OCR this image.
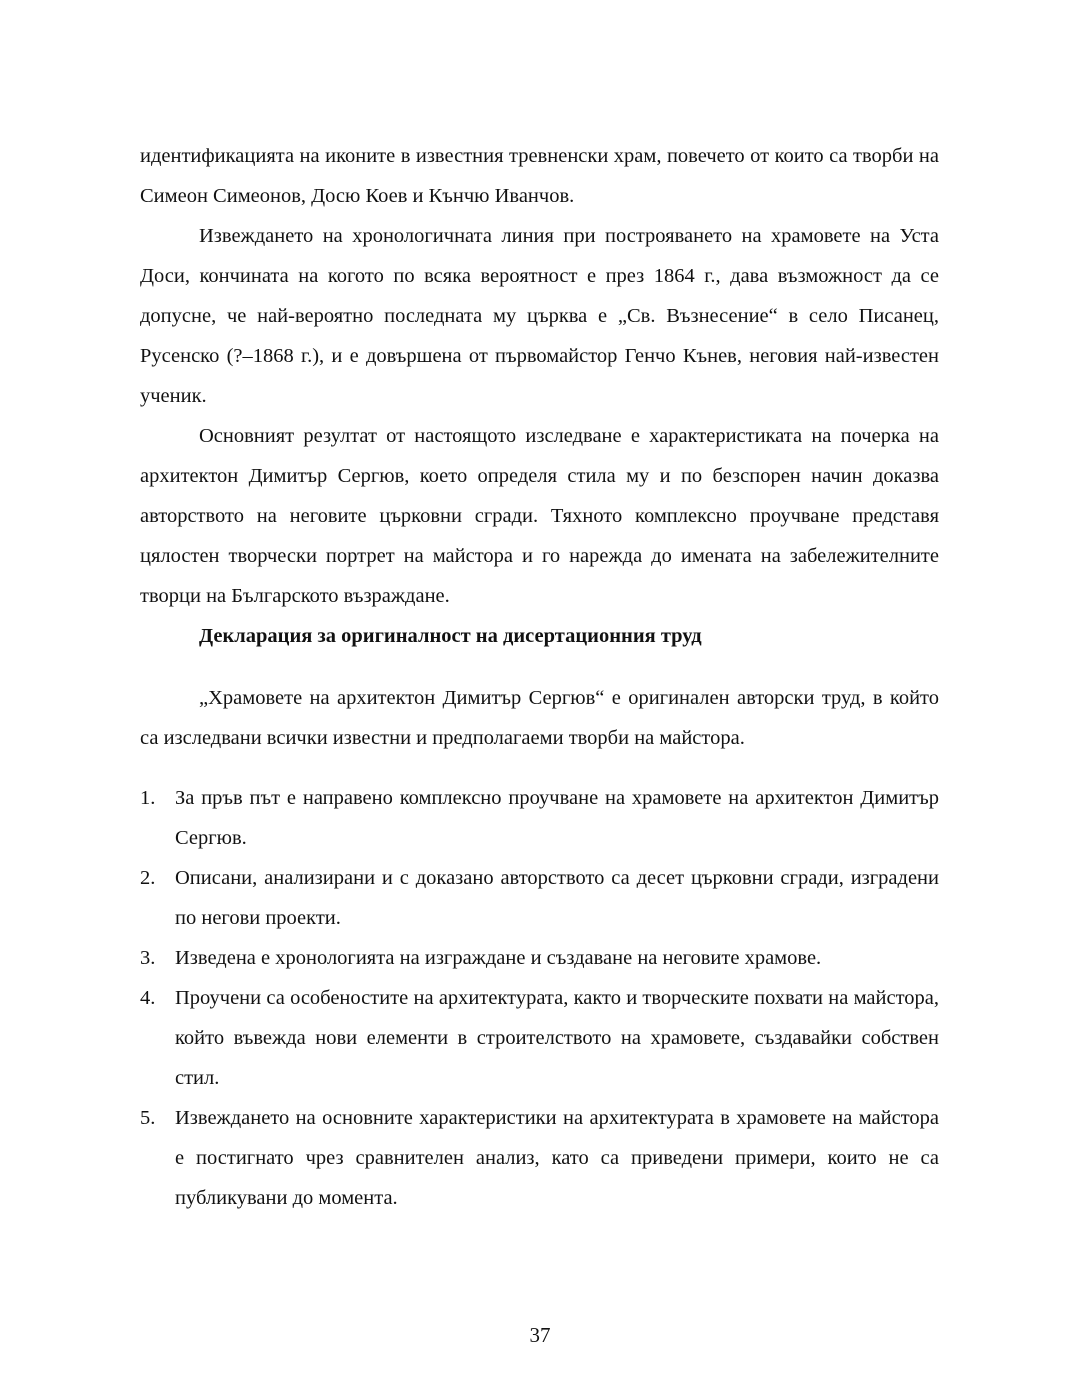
идентификацията на иконите в известния тревненски храм, повечето от които са творби на Симеон Симеонов, Досю Коев и Кънчю Иванчов.

Извеждането на хронологичната линия при построяването на храмовете на Уста Доси, кончината на когото по всяка вероятност е през 1864 г., дава възможност да се допусне, че най-вероятно последната му църква е „Св. Възнесение“ в село Писанец, Русенско (?–1868 г.), и е довършена от първомайстор Генчо Кънев, неговия най-известен ученик.

Основният резултат от настоящото изследване е характеристиката на почерка на архитектон Димитър Сергюв, което определя стила му и по безспорен начин доказва авторството на неговите църковни сгради. Тяхното комплексно проучване представя цялостен творчески портрет на майстора и го нарежда до имената на забележителните творци на Българското възраждане.

Декларация за оригиналност на дисертационния труд

„Храмовете на архитектон Димитър Сергюв“ е оригинален авторски труд, в който са изследвани всички известни и предполагаеми творби на майстора.

1. За пръв път е направено комплексно проучване на храмовете на архитектон Димитър Сергюв.
2. Описани, анализирани и с доказано авторството са десет църковни сгради, изградени по негови проекти.
3. Изведена е хронологията на изграждане и създаване на неговите храмове.
4. Проучени са особеностите на архитектурата, както и творческите похвати на майстора, който въвежда нови елементи в строителството на храмовете, създавайки собствен стил.
5. Извеждането на основните характеристики на архитектурата в храмовете на майстора е постигнато чрез сравнителен анализ, като са приведени примери, които не са публикувани до момента.
37
